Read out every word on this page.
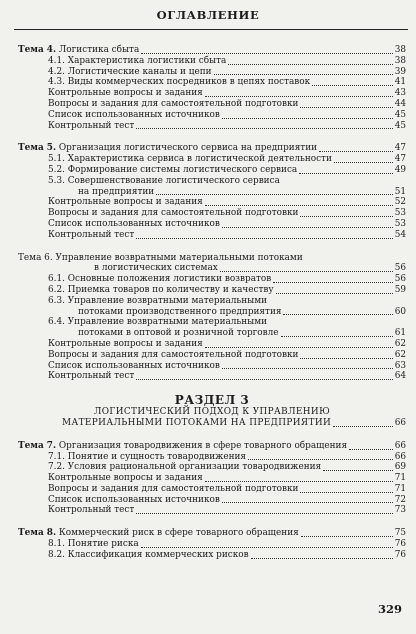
ОГЛАВЛЕНИЕ
Тема 4. Логистика сбыта	38
4.1. Характеристика логистики сбыта	38
4.2. Логистические каналы и цепи	39
4.3. Виды коммерческих посредников в цепях поставок	41
Контрольные вопросы и задания	43
Вопросы и задания для самостоятельной подготовки	44
Список использованных источников	45
Контрольный тест	45
Тема 5. Организация логистического сервиса на предприятии	47
5.1. Характеристика сервиса в логистической деятельности	47
5.2. Формирование системы логистического сервиса	49
5.3. Совершенствование логистического сервиса
на предприятии	51
Контрольные вопросы и задания	52
Вопросы и задания для самостоятельной подготовки	53
Список использованных источников	53
Контрольный тест	54
Тема 6. Управление возвратными материальными потоками
в логистических системах	56
6.1. Основные положения логистики возвратов	56
6.2. Приемка товаров по количеству и качеству	59
6.3. Управление возвратными материальными
потоками производственного предприятия	60
6.4. Управление возвратными материальными
потоками в оптовой и розничной торговле	61
Контрольные вопросы и задания	62
Вопросы и задания для самостоятельной подготовки	62
Список использованных источников	63
Контрольный тест	64
РАЗДЕЛ 3
ЛОГИСТИЧЕСКИЙ ПОДХОД К УПРАВЛЕНИЮ
МАТЕРИАЛЬНЫМИ ПОТОКАМИ НА ПРЕДПРИЯТИИ	66
Тема 7. Организация товародвижения в сфере товарного обращения	66
7.1. Понятие и сущность товародвижения	66
7.2. Условия рациональной организации товародвижения	69
Контрольные вопросы и задания	71
Вопросы и задания для самостоятельной подготовки	71
Список использованных источников	72
Контрольный тест	73
Тема 8. Коммерческий риск в сфере товарного обращения	75
8.1. Понятие риска	76
8.2. Классификация коммерческих рисков	76
329
